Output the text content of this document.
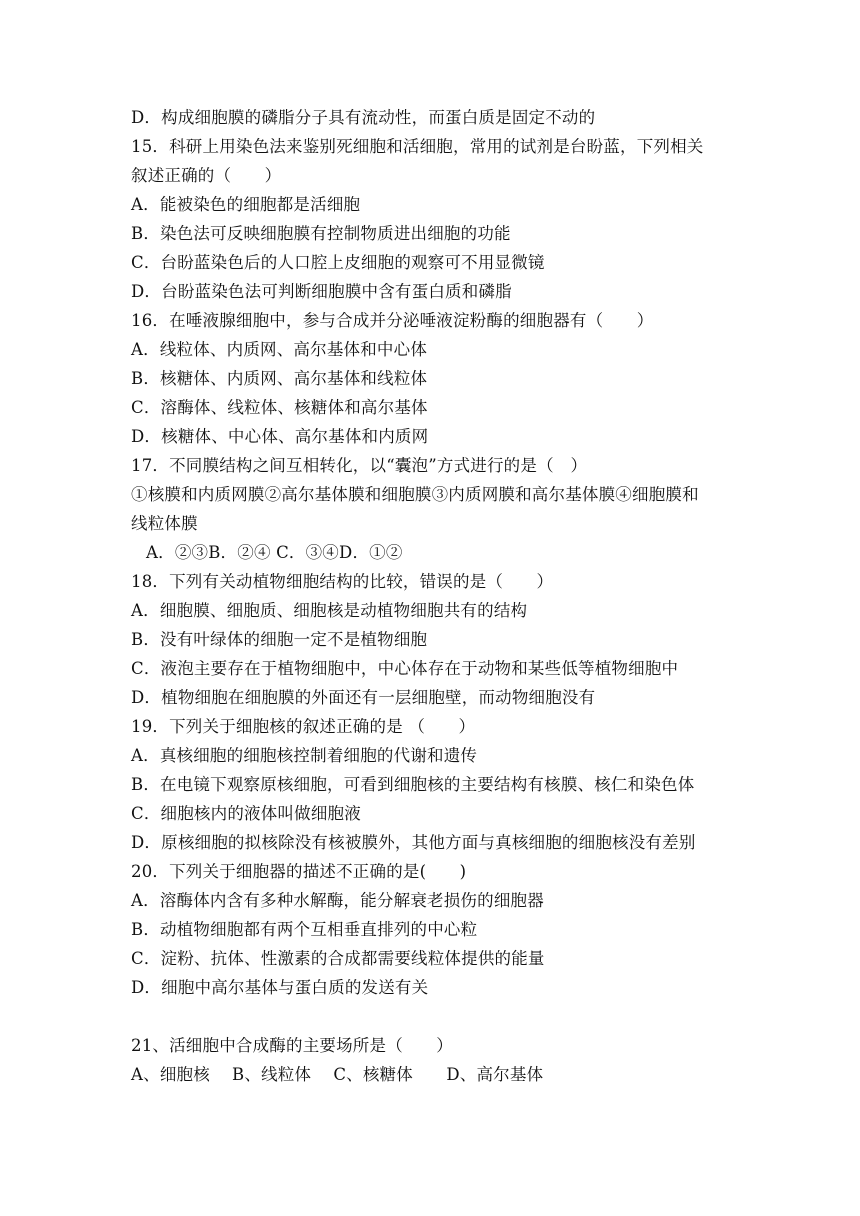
D．构成细胞膜的磷脂分子具有流动性，而蛋白质是固定不动的
15．科研上用染色法来鉴别死细胞和活细胞，常用的试剂是台盼蓝，下列相关
叙述正确的（　　）
A．能被染色的细胞都是活细胞
B．染色法可反映细胞膜有控制物质进出细胞的功能
C．台盼蓝染色后的人口腔上皮细胞的观察可不用显微镜
D．台盼蓝染色法可判断细胞膜中含有蛋白质和磷脂
16．在唾液腺细胞中，参与合成并分泌唾液淀粉酶的细胞器有（　　）
A．线粒体、内质网、高尔基体和中心体
B．核糖体、内质网、高尔基体和线粒体
C．溶酶体、线粒体、核糖体和高尔基体
D．核糖体、中心体、高尔基体和内质网
17．不同膜结构之间互相转化，以“囊泡”方式进行的是（　）
①核膜和内质网膜②高尔基体膜和细胞膜③内质网膜和高尔基体膜④细胞膜和
线粒体膜
A．②③B．②④ C．③④D．①②
18．下列有关动植物细胞结构的比较，错误的是（　　）
A．细胞膜、细胞质、细胞核是动植物细胞共有的结构
B．没有叶绿体的细胞一定不是植物细胞
C．液泡主要存在于植物细胞中，中心体存在于动物和某些低等植物细胞中
D．植物细胞在细胞膜的外面还有一层细胞壁，而动物细胞没有
19．下列关于细胞核的叙述正确的是 （　　）
A．真核细胞的细胞核控制着细胞的代谢和遗传
B．在电镜下观察原核细胞，可看到细胞核的主要结构有核膜、核仁和染色体
C．细胞核内的液体叫做细胞液
D．原核细胞的拟核除没有核被膜外，其他方面与真核细胞的细胞核没有差别
20．下列关于细胞器的描述不正确的是(　　)
A．溶酶体内含有多种水解酶，能分解衰老损伤的细胞器
B．动植物细胞都有两个互相垂直排列的中心粒
C．淀粉、抗体、性激素的合成都需要线粒体提供的能量
D．细胞中高尔基体与蛋白质的发送有关
21、活细胞中合成酶的主要场所是（　　）
A、细胞核　 B、线粒体　 C、核糖体　　D、高尔基体
